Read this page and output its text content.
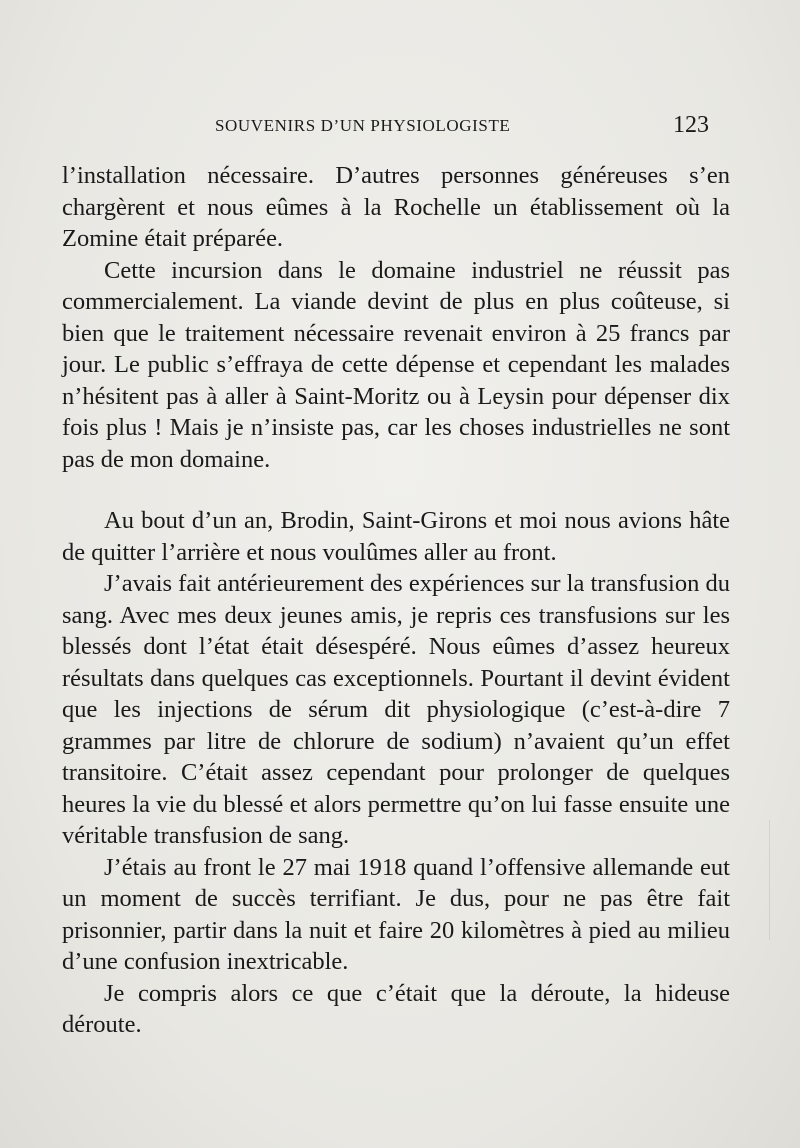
SOUVENIRS D’UN PHYSIOLOGISTE	123

l’installation nécessaire. D’autres personnes généreuses s’en chargèrent et nous eûmes à la Rochelle un établissement où la Zomine était préparée.

Cette incursion dans le domaine industriel ne réussit pas commercialement. La viande devint de plus en plus coûteuse, si bien que le traitement nécessaire revenait environ à 25 francs par jour. Le public s’effraya de cette dépense et cependant les malades n’hésitent pas à aller à Saint-Moritz ou à Leysin pour dépenser dix fois plus ! Mais je n’insiste pas, car les choses industrielles ne sont pas de mon domaine.

Au bout d’un an, Brodin, Saint-Girons et moi nous avions hâte de quitter l’arrière et nous voulûmes aller au front.

J’avais fait antérieurement des expériences sur la transfusion du sang. Avec mes deux jeunes amis, je repris ces transfusions sur les blessés dont l’état était désespéré. Nous eûmes d’assez heureux résultats dans quelques cas exceptionnels. Pourtant il devint évident que les injections de sérum dit physiologique (c’est-à-dire 7 grammes par litre de chlorure de sodium) n’avaient qu’un effet transitoire. C’était assez cependant pour prolonger de quelques heures la vie du blessé et alors permettre qu’on lui fasse ensuite une véritable transfusion de sang.

J’étais au front le 27 mai 1918 quand l’offensive allemande eut un moment de succès terrifiant. Je dus, pour ne pas être fait prisonnier, partir dans la nuit et faire 20 kilomètres à pied au milieu d’une confusion inextricable.

Je compris alors ce que c’était que la déroute, la hideuse déroute.
